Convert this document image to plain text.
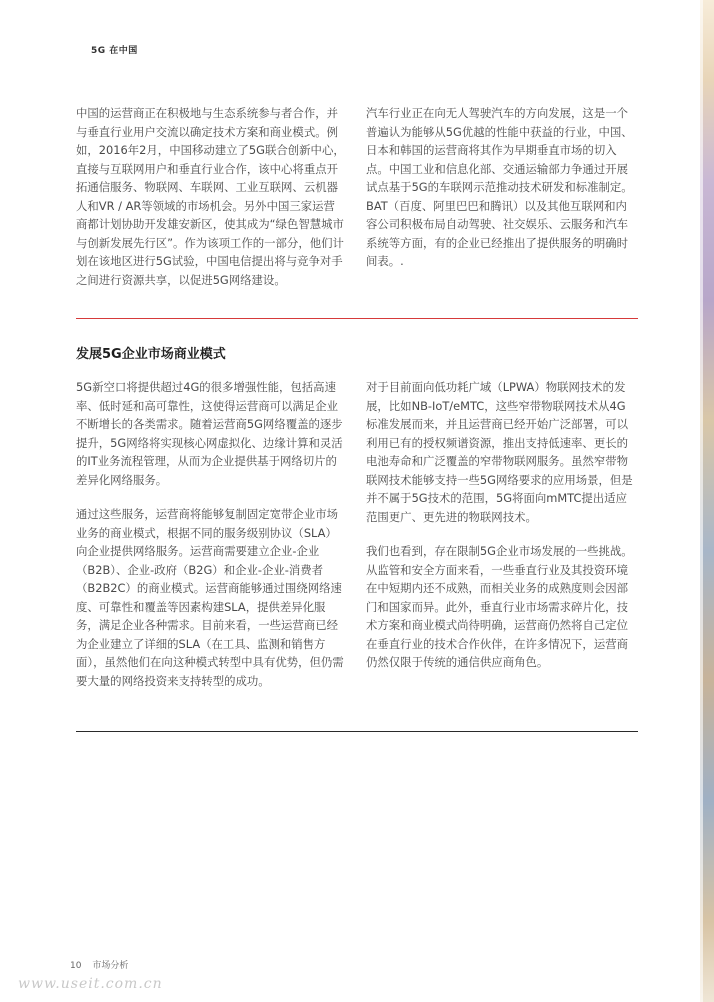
5G 在中国

中国的运营商正在积极地与生态系统参与者合作，并与垂直行业用户交流以确定技术方案和商业模式。例如，2016年2月，中国移动建立了5G联合创新中心，直接与互联网用户和垂直行业合作，该中心将重点开拓通信服务、物联网、车联网、工业互联网、云机器人和VR / AR等领域的市场机会。另外中国三家运营商都计划协助开发雄安新区，使其成为“绿色智慧城市与创新发展先行区”。作为该项工作的一部分，他们计划在该地区进行5G试验，中国电信提出将与竞争对手之间进行资源共享，以促进5G网络建设。

汽车行业正在向无人驾驶汽车的方向发展，这是一个普遍认为能够从5G优越的性能中获益的行业，中国、日本和韩国的运营商将其作为早期垂直市场的切入点。中国工业和信息化部、交通运输部力争通过开展试点基于5G的车联网示范推动技术研发和标准制定。BAT（百度、阿里巴巴和腾讯）以及其他互联网和内容公司积极布局自动驾驶、社交娱乐、云服务和汽车系统等方面，有的企业已经推出了提供服务的明确时间表。.

发展5G企业市场商业模式

5G新空口将提供超过4G的很多增强性能，包括高速率、低时延和高可靠性，这使得运营商可以满足企业不断增长的各类需求。随着运营商5G网络覆盖的逐步提升，5G网络将实现核心网虚拟化、边缘计算和灵活的IT业务流程管理，从而为企业提供基于网络切片的差异化网络服务。

通过这些服务，运营商将能够复制固定宽带企业市场业务的商业模式，根据不同的服务级别协议（SLA）向企业提供网络服务。运营商需要建立企业-企业（B2B）、企业-政府（B2G）和企业-企业-消费者（B2B2C）的商业模式。运营商能够通过围绕网络速度、可靠性和覆盖等因素构建SLA，提供差异化服务，满足企业各种需求。目前来看，一些运营商已经为企业建立了详细的SLA（在工具、监测和销售方面），虽然他们在向这种模式转型中具有优势，但仍需要大量的网络投资来支持转型的成功。

对于目前面向低功耗广域（LPWA）物联网技术的发展，比如NB-IoT/eMTC，这些窄带物联网技术从4G标准发展而来，并且运营商已经开始广泛部署，可以利用已有的授权频谱资源，推出支持低速率、更长的电池寿命和广泛覆盖的窄带物联网服务。虽然窄带物联网技术能够支持一些5G网络要求的应用场景，但是并不属于5G技术的范围，5G将面向mMTC提出适应范围更广、更先进的物联网技术。

我们也看到，存在限制5G企业市场发展的一些挑战。从监管和安全方面来看，一些垂直行业及其投资环境在中短期内还不成熟，而相关业务的成熟度则会因部门和国家而异。此外，垂直行业市场需求碎片化，技术方案和商业模式尚待明确，运营商仍然将自己定位在垂直行业的技术合作伙伴，在许多情况下，运营商仍然仅限于传统的通信供应商角色。

10 市场分析
www.useit.com.cn
